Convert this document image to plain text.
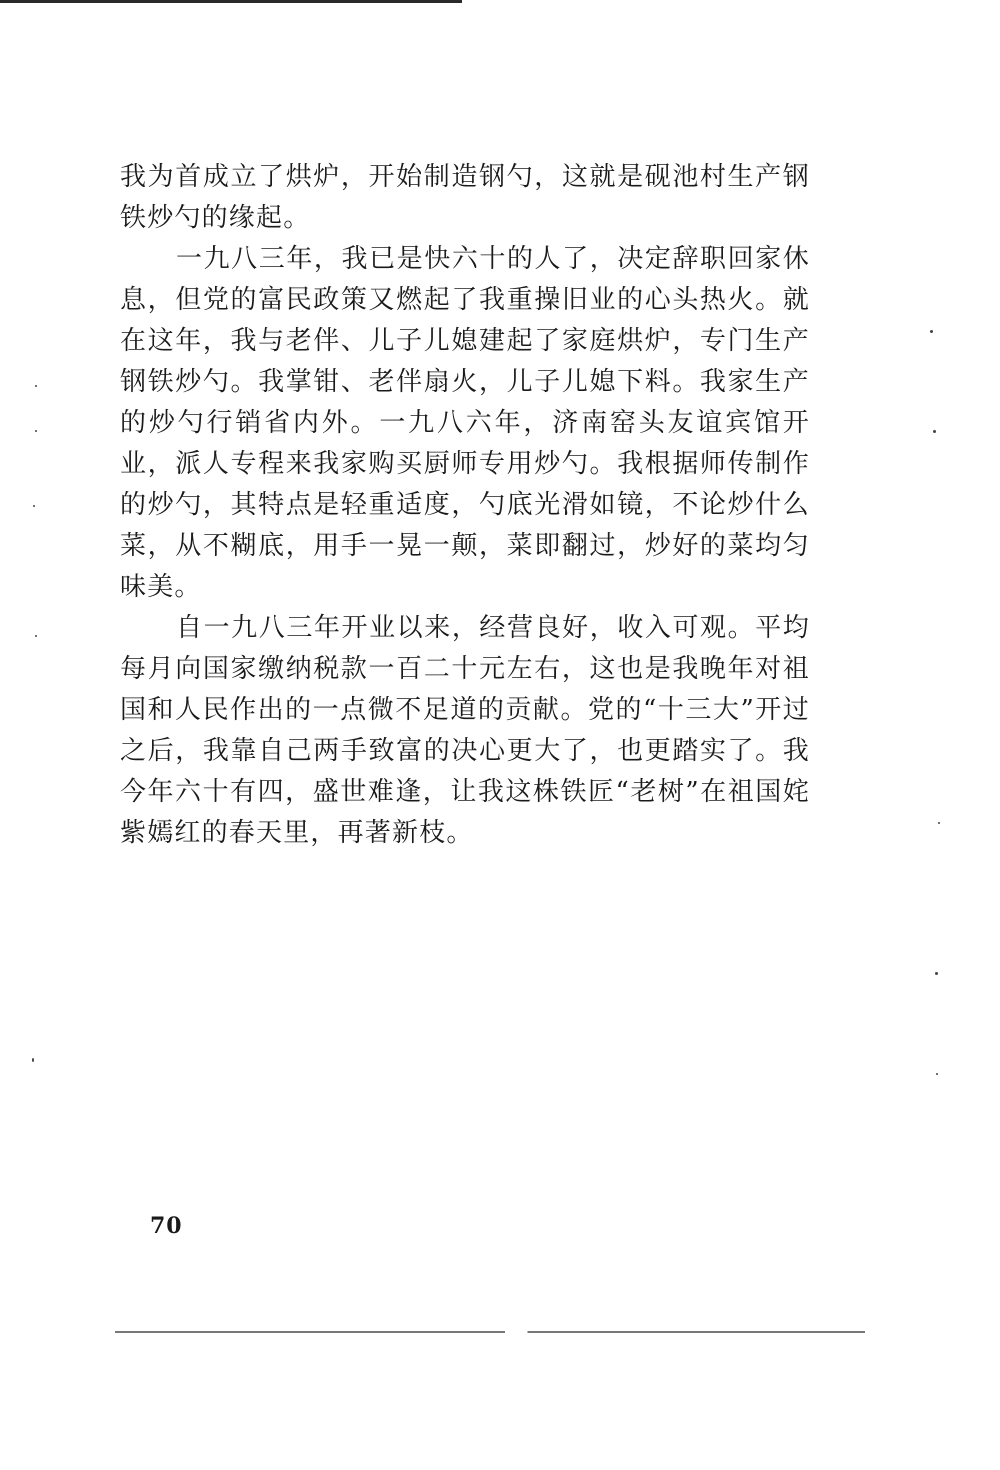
我为首成立了烘炉，开始制造钢勺，这就是砚池村生产钢铁炒勺的缘起。

一九八三年，我已是快六十的人了，决定辞职回家休息，但党的富民政策又燃起了我重操旧业的心头热火。就在这年，我与老伴、儿子儿媳建起了家庭烘炉，专门生产钢铁炒勺。我掌钳、老伴扇火，儿子儿媳下料。我家生产的炒勺行销省内外。一九八六年，济南窑头友谊宾馆开业，派人专程来我家购买厨师专用炒勺。我根据师传制作的炒勺，其特点是轻重适度，勺底光滑如镜，不论炒什么菜，从不糊底，用手一晃一颠，菜即翻过，炒好的菜均匀味美。

自一九八三年开业以来，经营良好，收入可观。平均每月向国家缴纳税款一百二十元左右，这也是我晚年对祖国和人民作出的一点微不足道的贡献。党的“十三大”开过之后，我靠自己两手致富的决心更大了，也更踏实了。我今年六十有四，盛世难逢，让我这株铁匠“老树”在祖国姹紫嫣红的春天里，再著新枝。

70
